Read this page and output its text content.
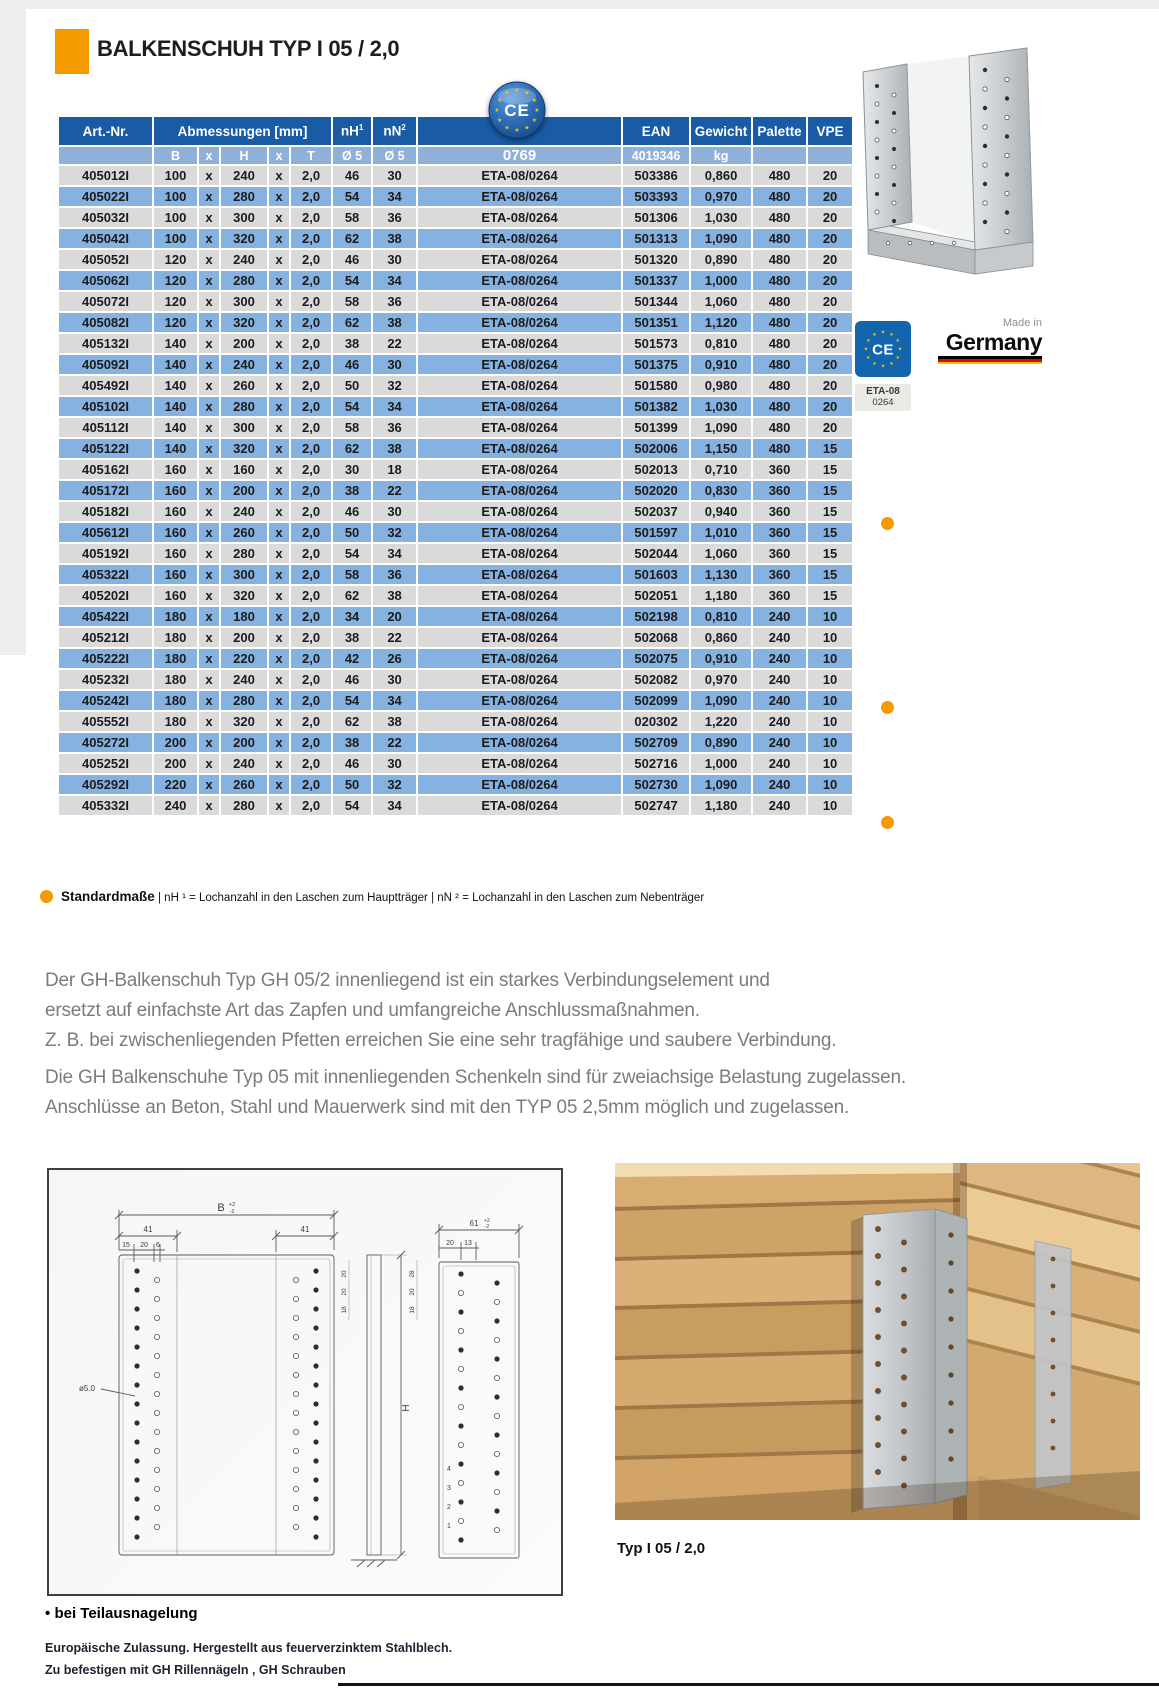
BALKENSCHUH TYP I 05 / 2,0
Art.-Nr.	Abmessungen [mm]					$nH^1$	$nN^2$		EAN	Gewicht	Palette	VPE
	B	x	H	x	T	Ø 5	Ø 5	0769	4019346	kg		
405012I	100	x	240	x	2,0	46	30	ETA-08/0264	503386	0,860	480	20
405022I	100	x	280	x	2,0	54	34	ETA-08/0264	503393	0,970	480	20
405032I	100	x	300	x	2,0	58	36	ETA-08/0264	501306	1,030	480	20
405042I	100	x	320	x	2,0	62	38	ETA-08/0264	501313	1,090	480	20
405052I	120	x	240	x	2,0	46	30	ETA-08/0264	501320	0,890	480	20
405062I	120	x	280	x	2,0	54	34	ETA-08/0264	501337	1,000	480	20
405072I	120	x	300	x	2,0	58	36	ETA-08/0264	501344	1,060	480	20
405082I	120	x	320	x	2,0	62	38	ETA-08/0264	501351	1,120	480	20
405132I	140	x	200	x	2,0	38	22	ETA-08/0264	501573	0,810	480	20
405092I	140	x	240	x	2,0	46	30	ETA-08/0264	501375	0,910	480	20
405492I	140	x	260	x	2,0	50	32	ETA-08/0264	501580	0,980	480	20
405102I	140	x	280	x	2,0	54	34	ETA-08/0264	501382	1,030	480	20
405112I	140	x	300	x	2,0	58	36	ETA-08/0264	501399	1,090	480	20
405122I	140	x	320	x	2,0	62	38	ETA-08/0264	502006	1,150	480	15
405162I	160	x	160	x	2,0	30	18	ETA-08/0264	502013	0,710	360	15
405172I	160	x	200	x	2,0	38	22	ETA-08/0264	502020	0,830	360	15
405182I	160	x	240	x	2,0	46	30	ETA-08/0264	502037	0,940	360	15
405612I	160	x	260	x	2,0	50	32	ETA-08/0264	501597	1,010	360	15
405192I	160	x	280	x	2,0	54	34	ETA-08/0264	502044	1,060	360	15
405322I	160	x	300	x	2,0	58	36	ETA-08/0264	501603	1,130	360	15
405202I	160	x	320	x	2,0	62	38	ETA-08/0264	502051	1,180	360	15
405422I	180	x	180	x	2,0	34	20	ETA-08/0264	502198	0,810	240	10
405212I	180	x	200	x	2,0	38	22	ETA-08/0264	502068	0,860	240	10
405222I	180	x	220	x	2,0	42	26	ETA-08/0264	502075	0,910	240	10
405232I	180	x	240	x	2,0	46	30	ETA-08/0264	502082	0,970	240	10
405242I	180	x	280	x	2,0	54	34	ETA-08/0264	502099	1,090	240	10
405552I	180	x	320	x	2,0	62	38	ETA-08/0264	020302	1,220	240	10
405272I	200	x	200	x	2,0	38	22	ETA-08/0264	502709	0,890	240	10
405252I	200	x	240	x	2,0	46	30	ETA-08/0264	502716	1,000	240	10
405292I	220	x	260	x	2,0	50	32	ETA-08/0264	502730	1,090	240	10
405332I	240	x	280	x	2,0	54	34	ETA-08/0264	502747	1,180	240	10
★ ★
★
★
★
★
★
★
★
★
★
★
CE
★ ★
★
★
★
★
★
★
★
★
★
★
CE
ETA-08
0264
Made in
Germany
Standardmaße | nH ¹ = Lochanzahl in den Laschen zum Hauptträger | nN ² = Lochanzahl in den Laschen zum Nebenträger
Der GH-Balkenschuh Typ GH 05/2 innenliegend ist ein starkes Verbindungselement und
ersetzt auf einfachste Art das Zapfen und umfangreiche Anschlussmaßnahmen.
Z. B. bei zwischenliegenden Pfetten erreichen Sie eine sehr tragfähige und saubere Verbindung.
Die GH Balkenschuhe Typ 05 mit innenliegenden Schenkeln sind für zweiachsige Belastung zugelassen.
Anschlüsse an Beton, Stahl und Mauerwerk sind mit den TYP 05 2,5mm möglich und zugelassen.
B +2
-2
41	41
15 20 6
ø5.0
61 +2
-2
20 13
H
20
20
18
28
20
18
4
3
2
1
Typ I 05 / 2,0
• bei Teilausnagelung
Europäische Zulassung. Hergestellt aus feuerverzinktem Stahlblech.
Zu befestigen mit GH Rillennägeln , GH Schrauben
